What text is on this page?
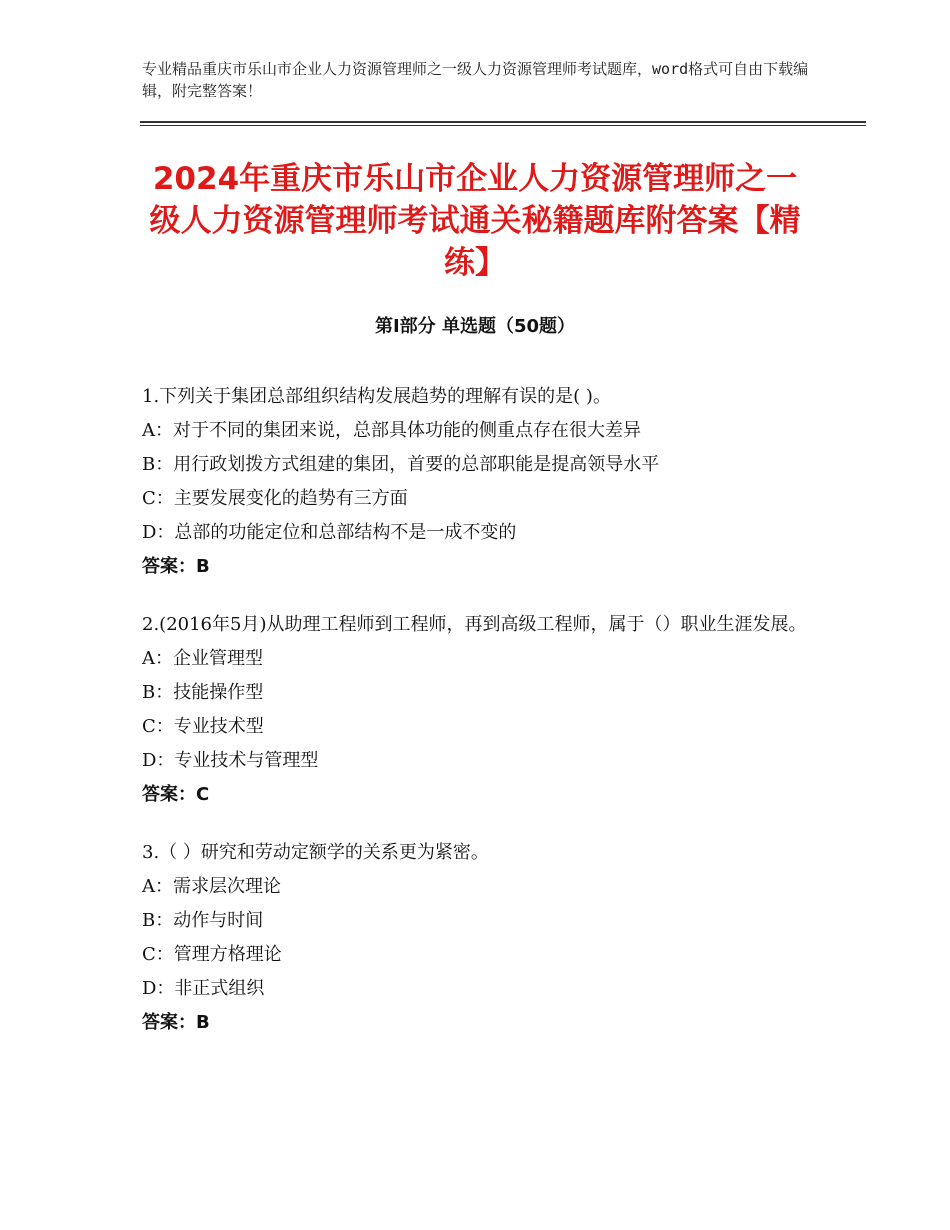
专业精品重庆市乐山市企业人力资源管理师之一级人力资源管理师考试题库，word格式可自由下载编辑，附完整答案！
2024年重庆市乐山市企业人力资源管理师之一级人力资源管理师考试通关秘籍题库附答案【精练】
第Ⅰ部分 单选题（50题）
1.下列关于集团总部组织结构发展趋势的理解有误的是( )。
A：对于不同的集团来说，总部具体功能的侧重点存在很大差异
B：用行政划拨方式组建的集团，首要的总部职能是提高领导水平
C：主要发展变化的趋势有三方面
D：总部的功能定位和总部结构不是一成不变的
答案：B
2.(2016年5月)从助理工程师到工程师，再到高级工程师，属于（）职业生涯发展。
A：企业管理型
B：技能操作型
C：专业技术型
D：专业技术与管理型
答案：C
3.（ ）研究和劳动定额学的关系更为紧密。
A：需求层次理论
B：动作与时间
C：管理方格理论
D：非正式组织
答案：B
